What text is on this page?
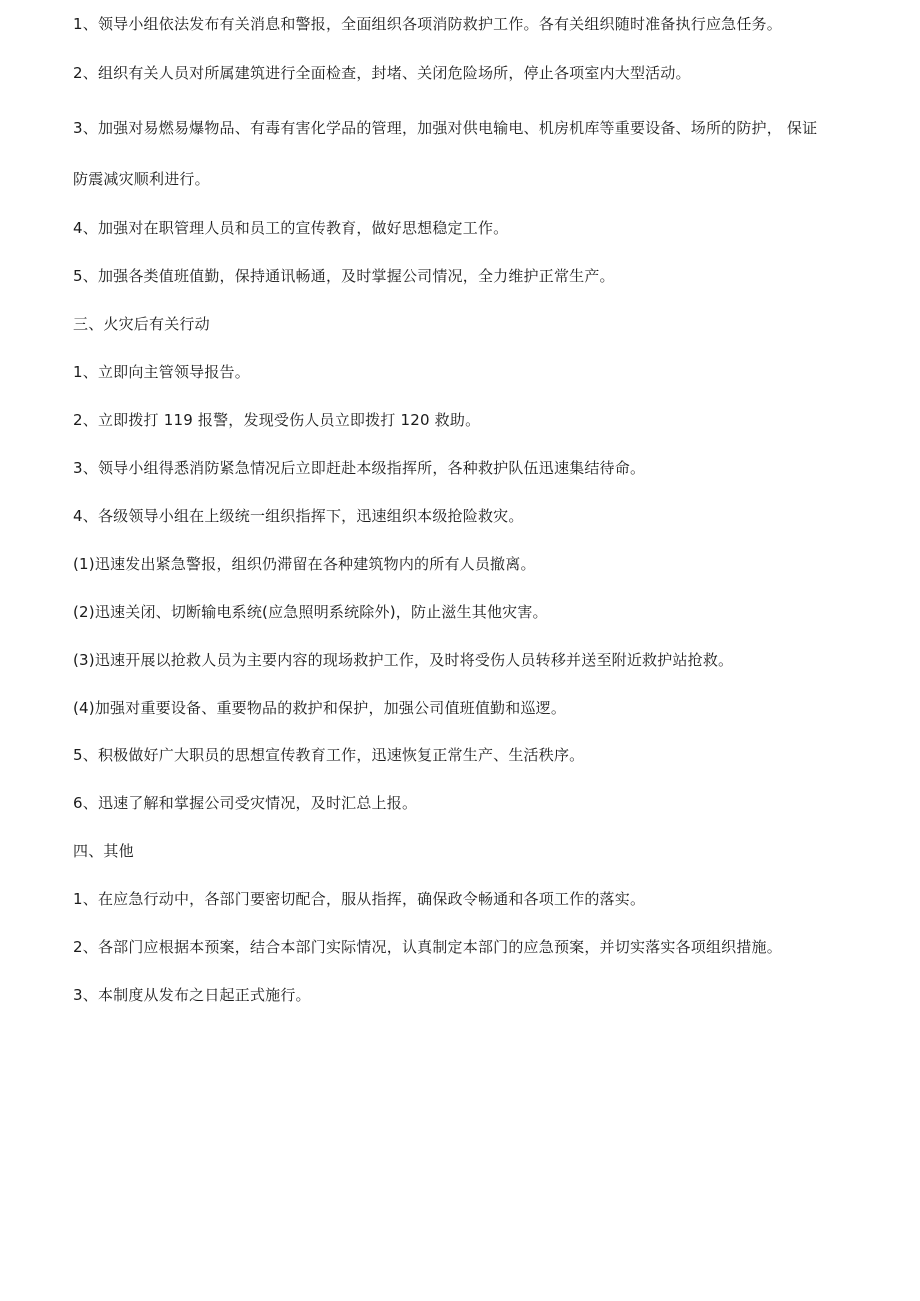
1、领导小组依法发布有关消息和警报，全面组织各项消防救护工作。各有关组织随时准备执行应急任务。

2、组织有关人员对所属建筑进行全面检查，封堵、关闭危险场所，停止各项室内大型活动。

3、加强对易燃易爆物品、有毒有害化学品的管理，加强对供电输电、机房机库等重要设备、场所的防护， 保证

防震减灾顺利进行。

4、加强对在职管理人员和员工的宣传教育，做好思想稳定工作。

5、加强各类值班值勤，保持通讯畅通，及时掌握公司情况，全力维护正常生产。

三、火灾后有关行动

1、立即向主管领导报告。

2、立即拨打 119 报警，发现受伤人员立即拨打 120 救助。

3、领导小组得悉消防紧急情况后立即赶赴本级指挥所，各种救护队伍迅速集结待命。

4、各级领导小组在上级统一组织指挥下，迅速组织本级抢险救灾。

(1)迅速发出紧急警报，组织仍滞留在各种建筑物内的所有人员撤离。

(2)迅速关闭、切断输电系统(应急照明系统除外)，防止滋生其他灾害。

(3)迅速开展以抢救人员为主要内容的现场救护工作，及时将受伤人员转移并送至附近救护站抢救。

(4)加强对重要设备、重要物品的救护和保护，加强公司值班值勤和巡逻。

5、积极做好广大职员的思想宣传教育工作，迅速恢复正常生产、生活秩序。

6、迅速了解和掌握公司受灾情况，及时汇总上报。

四、其他

1、在应急行动中，各部门要密切配合，服从指挥，确保政令畅通和各项工作的落实。

2、各部门应根据本预案，结合本部门实际情况，认真制定本部门的应急预案，并切实落实各项组织措施。

3、本制度从发布之日起正式施行。
